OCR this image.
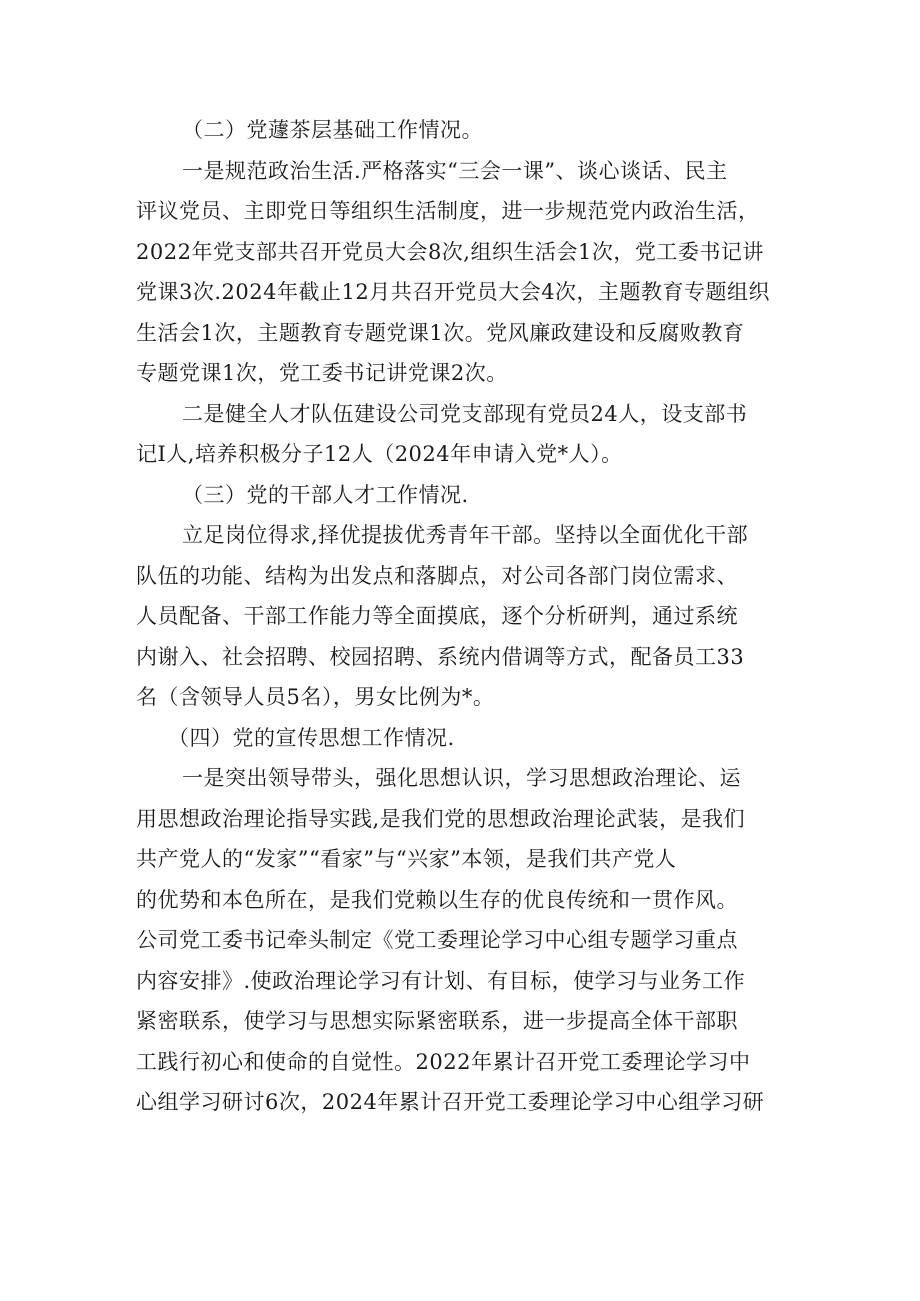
（二）党蘧茶层基础工作情况。
一是规范政治生活.严格落实“三会一课”、谈心谈话、民主
评议党员、主即党日等组织生活制度，进一步规范党内政治生活，
2022年党支部共召开党员大会8次,组织生活会1次，党工委书记讲
党课3次.2024年截止12月共召开党员大会4次，主题教育专题组织
生活会1次，主题教育专题党课1次。党风廉政建设和反腐败教育
专题党课1次，党工委书记讲党课2次。
二是健全人才队伍建设公司党支部现有党员24人，设支部书
记I人,培养积极分子12人（2024年申请入党*人）。
（三）党的干部人才工作情况.
立足岗位得求,择优提拔优秀青年干部。坚持以全面优化干部
队伍的功能、结构为出发点和落脚点，对公司各部门岗位需求、
人员配备、干部工作能力等全面摸底，逐个分析研判，通过系统
内谢入、社会招聘、校园招聘、系统内借调等方式，配备员工33
名（含领导人员5名），男女比例为*。
（四）党的宣传思想工作情况.
一是突出领导带头，强化思想认识，学习思想政治理论、运
用思想政治理论指导实践,是我们党的思想政治理论武装，是我们
共产党人的“发家”“看家”与“兴家”本领，是我们共产党人
的优势和本色所在，是我们党赖以生存的优良传统和一贯作风。
公司党工委书记牵头制定《党工委理论学习中心组专题学习重点
内容安排》.使政治理论学习有计划、有目标，使学习与业务工作
紧密联系，使学习与思想实际紧密联系，进一步提高全体干部职
工践行初心和使命的自觉性。2022年累计召开党工委理论学习中
心组学习研讨6次，2024年累计召开党工委理论学习中心组学习研
